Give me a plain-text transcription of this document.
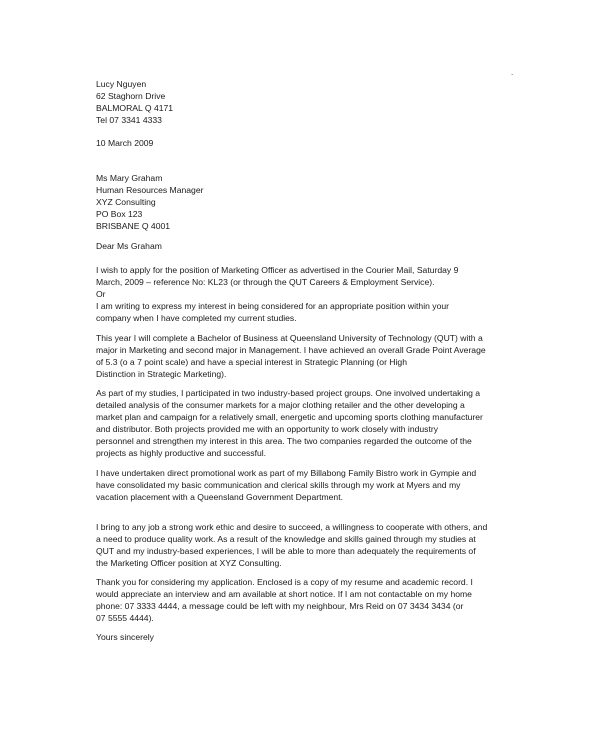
.
Lucy Nguyen
62 Staghorn Drive
BALMORAL Q 4171
Tel 07 3341 4333
10 March 2009
Ms Mary Graham
Human Resources Manager
XYZ Consulting
PO Box 123
BRISBANE Q 4001
Dear Ms Graham
I wish to apply for the position of Marketing Officer as advertised in the Courier Mail, Saturday 9
March, 2009 – reference No: KL23 (or through the QUT Careers & Employment Service).
Or
I am writing to express my interest in being considered for an appropriate position within your
company when I have completed my current studies.
This year I will complete a Bachelor of Business at Queensland University of Technology (QUT) with a
major in Marketing and second major in Management. I have achieved an overall Grade Point Average
of 5.3 (o a 7 point scale) and have a special interest in Strategic Planning (or High
Distinction in Strategic Marketing).
As part of my studies, I participated in two industry-based project groups. One involved undertaking a
detailed analysis of the consumer markets for a major clothing retailer and the other developing a
market plan and campaign for a relatively small, energetic and upcoming sports clothing manufacturer
and distributor. Both projects provided me with an opportunity to work closely with industry
personnel and strengthen my interest in this area. The two companies regarded the outcome of the
projects as highly productive and successful.
I have undertaken direct promotional work as part of my Billabong Family Bistro work in Gympie and
have consolidated my basic communication and clerical skills through my work at Myers and my
vacation placement with a Queensland Government Department.
I bring to any job a strong work ethic and desire to succeed, a willingness to cooperate with others, and
a need to produce quality work. As a result of the knowledge and skills gained through my studies at
QUT and my industry-based experiences, I will be able to more than adequately the requirements of
the Marketing Officer position at XYZ Consulting.
Thank you for considering my application. Enclosed is a copy of my resume and academic record. I
would appreciate an interview and am available at short notice. If I am not contactable on my home
phone: 07 3333 4444, a message could be left with my neighbour, Mrs Reid on 07 3434 3434 (or
07 5555 4444).
Yours sincerely
